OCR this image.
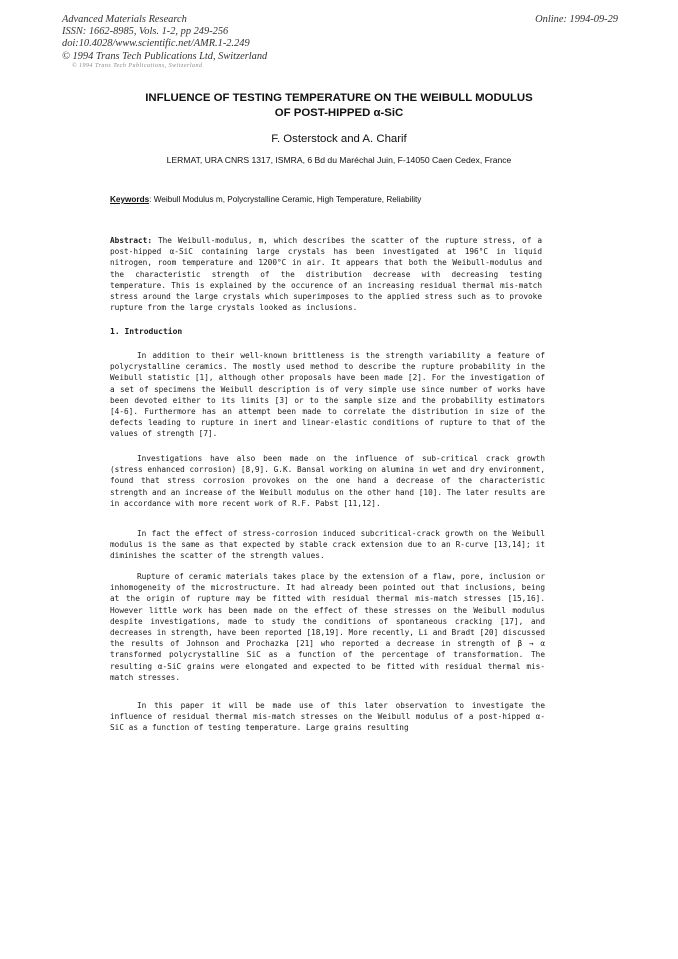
Advanced Materials Research
ISSN: 1662-8985, Vols. 1-2, pp 249-256
doi:10.4028/www.scientific.net/AMR.1-2.249
© 1994 Trans Tech Publications Ltd, Switzerland
© 1994 Trans Tech Publications, Switzerland
Online: 1994-09-29
INFLUENCE OF TESTING TEMPERATURE ON THE WEIBULL MODULUS
OF POST-HIPPED α-SiC
F. Osterstock and A. Charif
LERMAT, URA CNRS 1317, ISMRA, 6 Bd du Maréchal Juin, F-14050 Caen Cedex, France
Keywords: Weibull Modulus m, Polycrystalline Ceramic, High Temperature, Reliability
Abstract: The Weibull-modulus, m, which describes the scatter of the rupture stress, of a post-hipped α-SiC containing large crystals has been investigated at 196°C in liquid nitrogen, room temperature and 1200°C in air. It appears that both the Weibull-modulus and the characteristic strength of the distribution decrease with decreasing testing temperature. This is explained by the occurence of an increasing residual thermal mis-match stress around the large crystals which superimposes to the applied stress such as to provoke rupture from the large crystals looked as inclusions.
1. Introduction

In addition to their well-known brittleness is the strength variability a feature of polycrystalline ceramics. The mostly used method to describe the rupture probability in the Weibull statistic [1], although other proposals have been made [2]. For the investigation of a set of specimens the Weibull description is of very simple use since number of works have been devoted either to its limits [3] or to the sample size and the probability estimators [4-6]. Furthermore has an attempt been made to correlate the distribution in size of the defects leading to rupture in inert and linear-elastic conditions of rupture to that of the values of strength [7].

Investigations have also been made on the influence of sub-critical crack growth (stress enhanced corrosion) [8,9]. G.K. Bansal working on alumina in wet and dry environment, found that stress corrosion provokes on the one hand a decrease of the characteristic strength and an increase of the Weibull modulus on the other hand [10]. The later results are in accordance with more recent work of R.F. Pabst [11,12].

In fact the effect of stress-corrosion induced subcritical-crack growth on the Weibull modulus is the same as that expected by stable crack extension due to an R-curve [13,14]; it diminishes the scatter of the strength values.

Rupture of ceramic materials takes place by the extension of a flaw, pore, inclusion or inhomogeneity of the microstructure. It had already been pointed out that inclusions, being at the origin of rupture may be fitted with residual thermal mis-match stresses [15,16]. However little work has been made on the effect of these stresses on the Weibull modulus despite investigations, made to study the conditions of spontaneous cracking [17], and decreases in strength, have been reported [18,19]. More recently, Li and Bradt [20] discussed the results of Johnson and Prochazka [21] who reported a decrease in strength of β → α transformed polycrystalline SiC as a function of the percentage of transformation. The resulting α-SiC grains were elongated and expected to be fitted with residual thermal mis-match stresses.

In this paper it will be made use of this later observation to investigate the influence of residual thermal mis-match stresses on the Weibull modulus of a post-hipped α-SiC as a function of testing temperature. Large grains resulting
